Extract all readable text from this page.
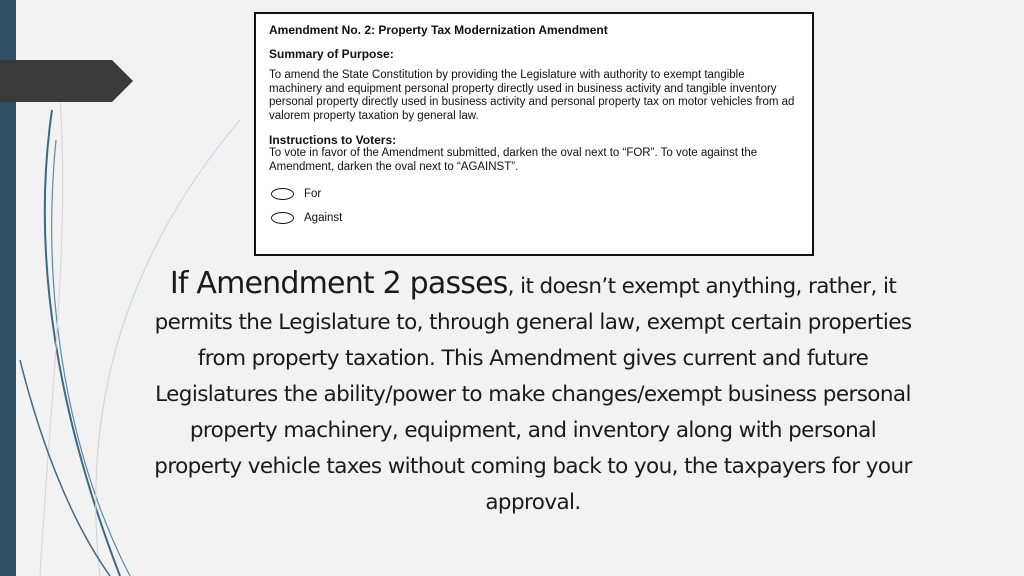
Amendment No. 2: Property Tax Modernization Amendment
Summary of Purpose:
To amend the State Constitution by providing the Legislature with authority to exempt tangible machinery and equipment personal property directly used in business activity and tangible inventory personal property directly used in business activity and personal property tax on motor vehicles from ad valorem property taxation by general law.
Instructions to Voters:
To vote in favor of the Amendment submitted, darken the oval next to “FOR”. To vote against the Amendment, darken the oval next to “AGAINST”.
For
Against
If Amendment 2 passes, it doesn’t exempt anything, rather, it permits the Legislature to, through general law, exempt certain properties from property taxation. This Amendment gives current and future Legislatures the ability/power to make changes/exempt business personal property machinery, equipment, and inventory along with personal property vehicle taxes without coming back to you, the taxpayers for your approval.
